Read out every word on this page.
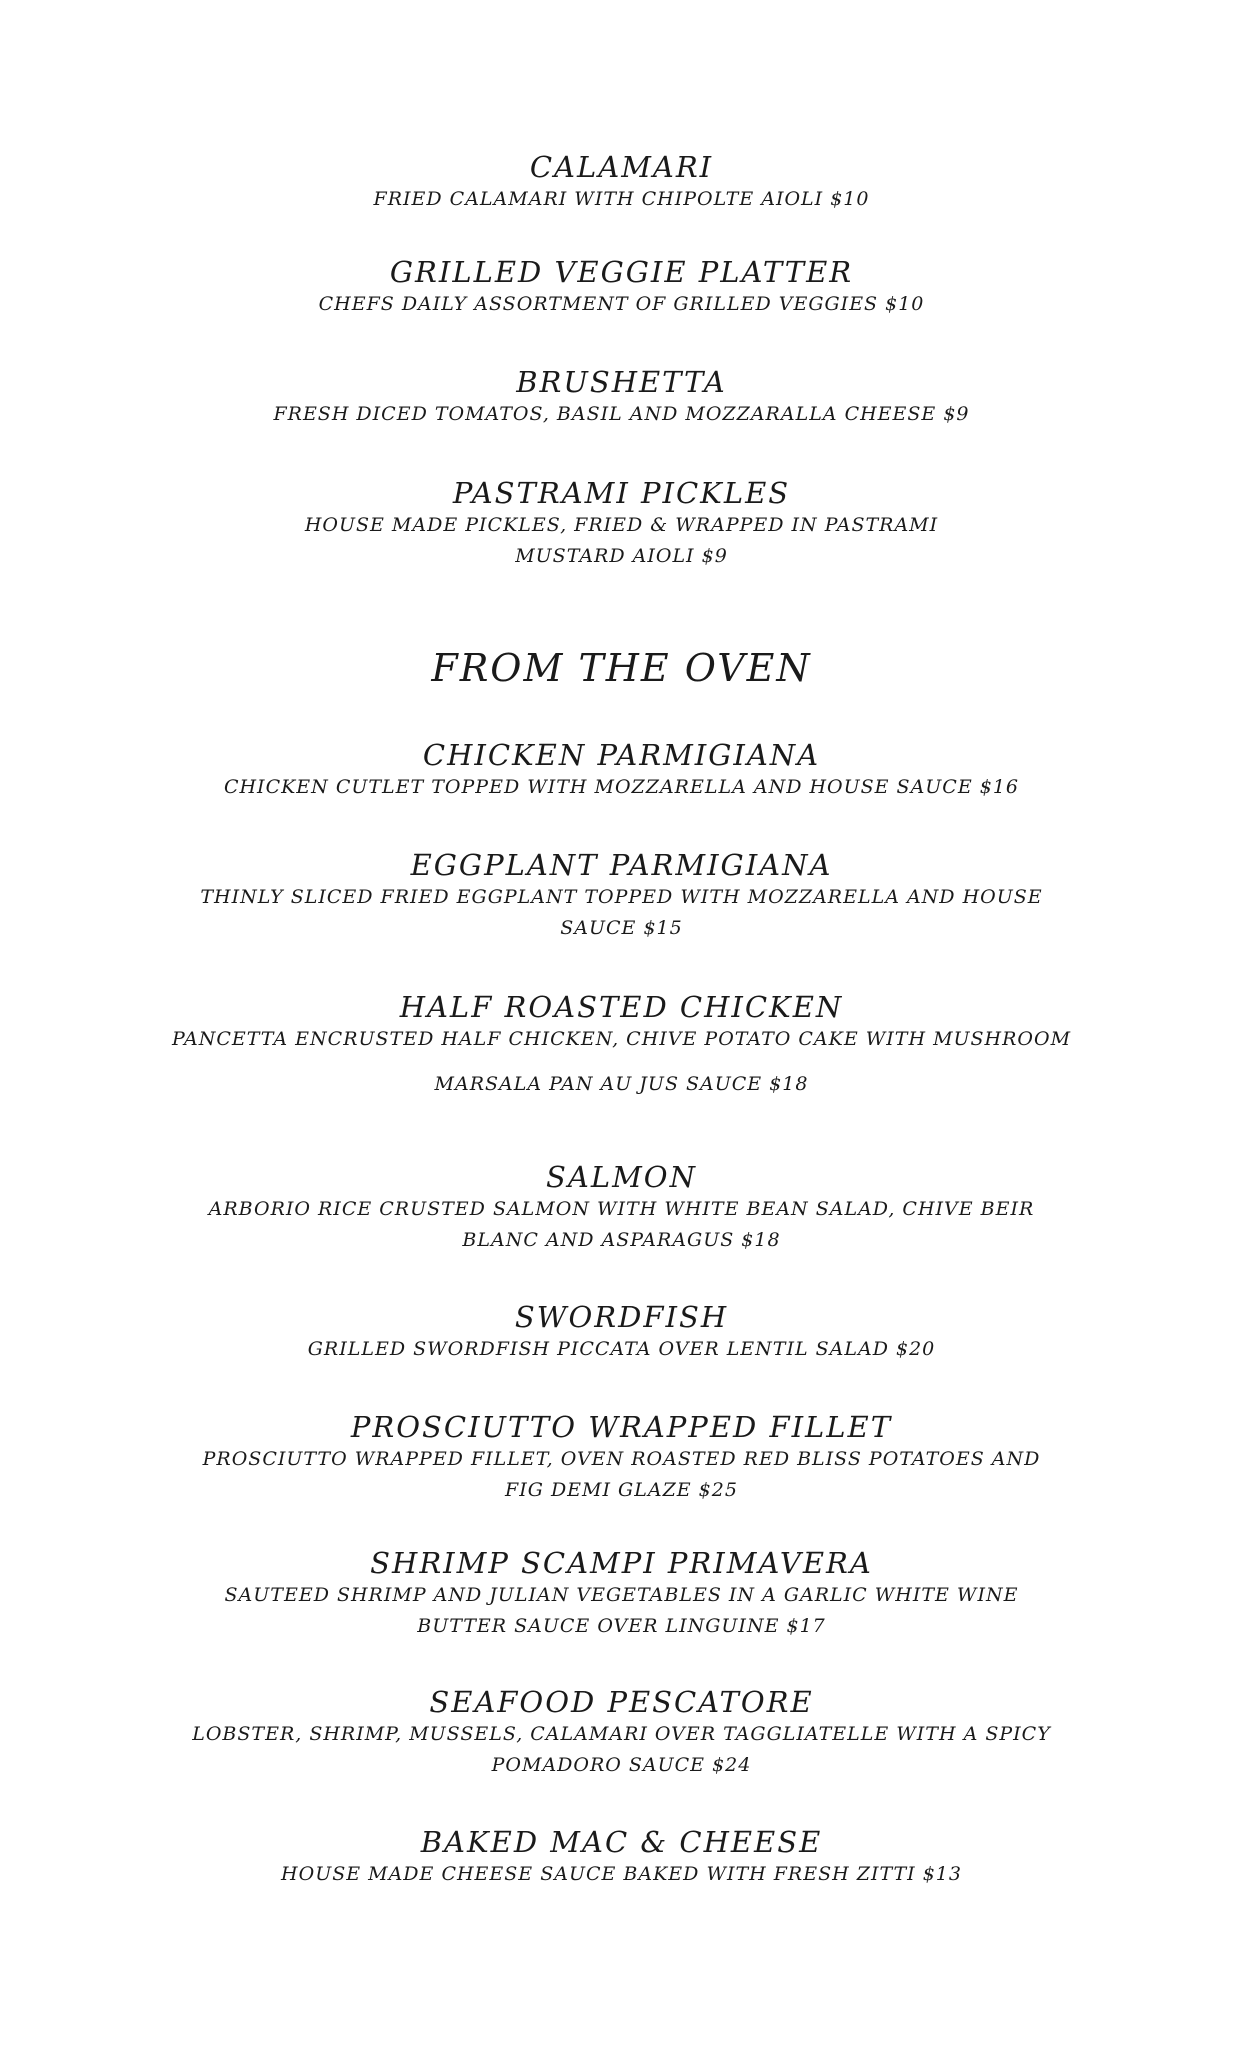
CALAMARI
FRIED CALAMARI WITH CHIPOLTE AIOLI $10
GRILLED VEGGIE PLATTER
CHEFS DAILY ASSORTMENT OF GRILLED VEGGIES $10
BRUSHETTA
FRESH DICED TOMATOS, BASIL AND MOZZARALLA CHEESE $9
PASTRAMI PICKLES
HOUSE MADE PICKLES, FRIED & WRAPPED IN PASTRAMI
MUSTARD AIOLI $9
FROM THE OVEN
CHICKEN PARMIGIANA
CHICKEN CUTLET TOPPED WITH MOZZARELLA AND HOUSE SAUCE $16
EGGPLANT PARMIGIANA
THINLY SLICED FRIED EGGPLANT TOPPED WITH MOZZARELLA AND HOUSE
SAUCE $15
HALF ROASTED CHICKEN
PANCETTA ENCRUSTED HALF CHICKEN, CHIVE POTATO CAKE WITH MUSHROOM
MARSALA PAN AU JUS SAUCE $18
SALMON
ARBORIO RICE CRUSTED SALMON WITH WHITE BEAN SALAD, CHIVE BEIR
BLANC AND ASPARAGUS $18
SWORDFISH
GRILLED SWORDFISH PICCATA OVER LENTIL SALAD $20
PROSCIUTTO WRAPPED FILLET
PROSCIUTTO WRAPPED FILLET, OVEN ROASTED RED BLISS POTATOES AND
FIG DEMI GLAZE $25
SHRIMP SCAMPI PRIMAVERA
SAUTEED SHRIMP AND JULIAN VEGETABLES IN A GARLIC WHITE WINE
BUTTER SAUCE OVER LINGUINE $17
SEAFOOD PESCATORE
LOBSTER, SHRIMP, MUSSELS, CALAMARI OVER TAGGLIATELLE WITH A SPICY
POMADORO SAUCE $24
BAKED MAC & CHEESE
HOUSE MADE CHEESE SAUCE BAKED WITH FRESH ZITTI $13
